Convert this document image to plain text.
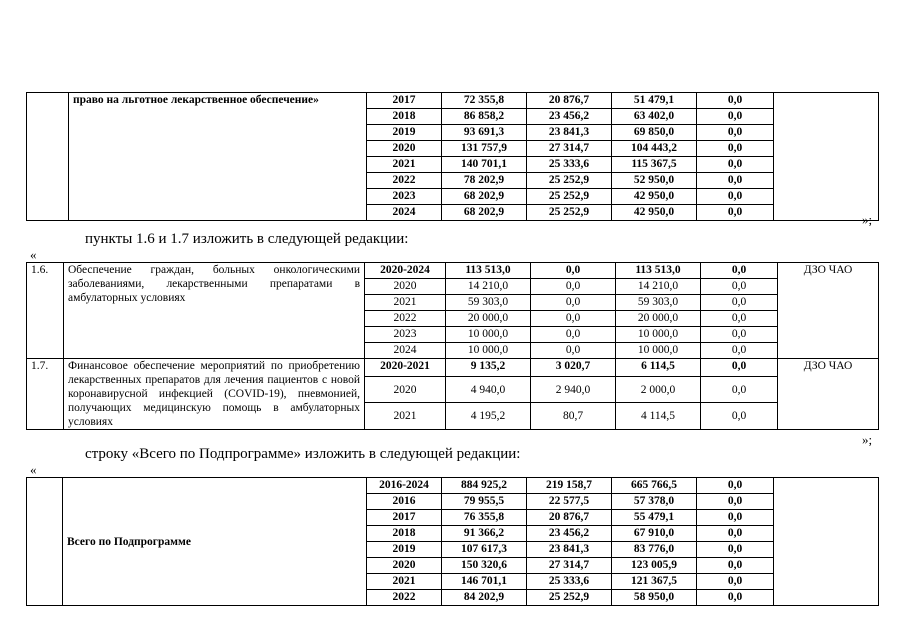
	право на льготное лекарственное обеспечение»	2017	72 355,8	20 876,7	51 479,1	0,0	
		2018	86 858,2	23 456,2	63 402,0	0,0	
		2019	93 691,3	23 841,3	69 850,0	0,0	
		2020	131 757,9	27 314,7	104 443,2	0,0	
		2021	140 701,1	25 333,6	115 367,5	0,0	
		2022	78 202,9	25 252,9	52 950,0	0,0	
		2023	68 202,9	25 252,9	42 950,0	0,0	
		2024	68 202,9	25 252,9	42 950,0	0,0		»;
пункты 1.6 и 1.7 изложить в следующей редакции:
«
1.6.	Обеспечение граждан, больных онкологическими заболеваниями, лекарственными препаратами в амбулаторных условиях	2020-2024	113 513,0	0,0	113 513,0	0,0	ДЗО ЧАО
		2020	14 210,0	0,0	14 210,0	0,0	
		2021	59 303,0	0,0	59 303,0	0,0	
		2022	20 000,0	0,0	20 000,0	0,0	
		2023	10 000,0	0,0	10 000,0	0,0	
		2024	10 000,0	0,0	10 000,0	0,0	
1.7.	Финансовое обеспечение мероприятий по приобретению лекарственных препаратов для лечения пациентов с новой коронавирусной инфекцией (COVID-19), пневмонией, получающих медицинскую помощь в амбулаторных условиях	2020-2021	9 135,2	3 020,7	6 114,5	0,0	ДЗО ЧАО
		2020	4 940,0	2 940,0	2 000,0	0,0	
		2021	4 195,2	80,7	4 114,5	0,0	
»;
строку «Всего по Подпрограмме» изложить в следующей редакции:
«
	Всего по Подпрограмме	2016-2024	884 925,2	219 158,7	665 766,5	0,0	
		2016	79 955,5	22 577,5	57 378,0	0,0	
		2017	76 355,8	20 876,7	55 479,1	0,0	
		2018	91 366,2	23 456,2	67 910,0	0,0	
		2019	107 617,3	23 841,3	83 776,0	0,0	
		2020	150 320,6	27 314,7	123 005,9	0,0	
		2021	146 701,1	25 333,6	121 367,5	0,0	
		2022	84 202,9	25 252,9	58 950,0	0,0	
